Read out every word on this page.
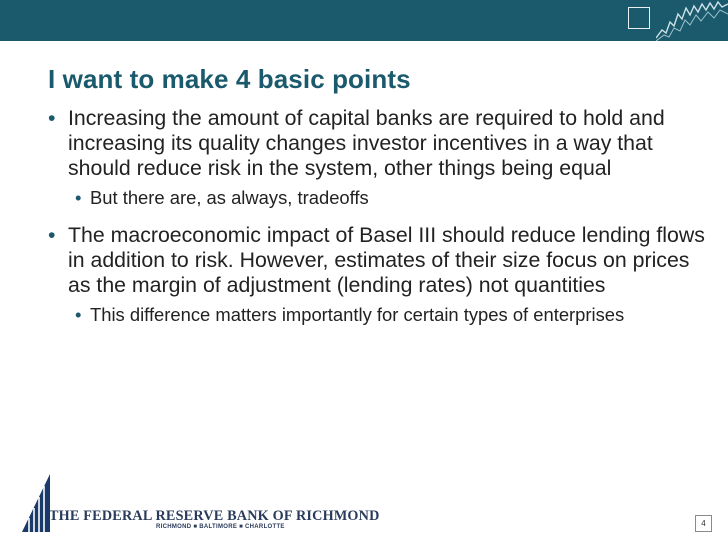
I want to make 4 basic points
• Increasing the amount of capital banks are required to hold and increasing its quality changes investor incentives in a way that should reduce risk in the system, other things being equal
• But there are, as always, tradeoffs
• The macroeconomic impact of Basel III should reduce lending flows in addition to risk. However, estimates of their size focus on prices as the margin of adjustment (lending rates) not quantities
• This difference matters importantly for certain types of enterprises
THE FEDERAL RESERVE BANK OF RICHMOND
RICHMOND ■ BALTIMORE ■ CHARLOTTE	4
